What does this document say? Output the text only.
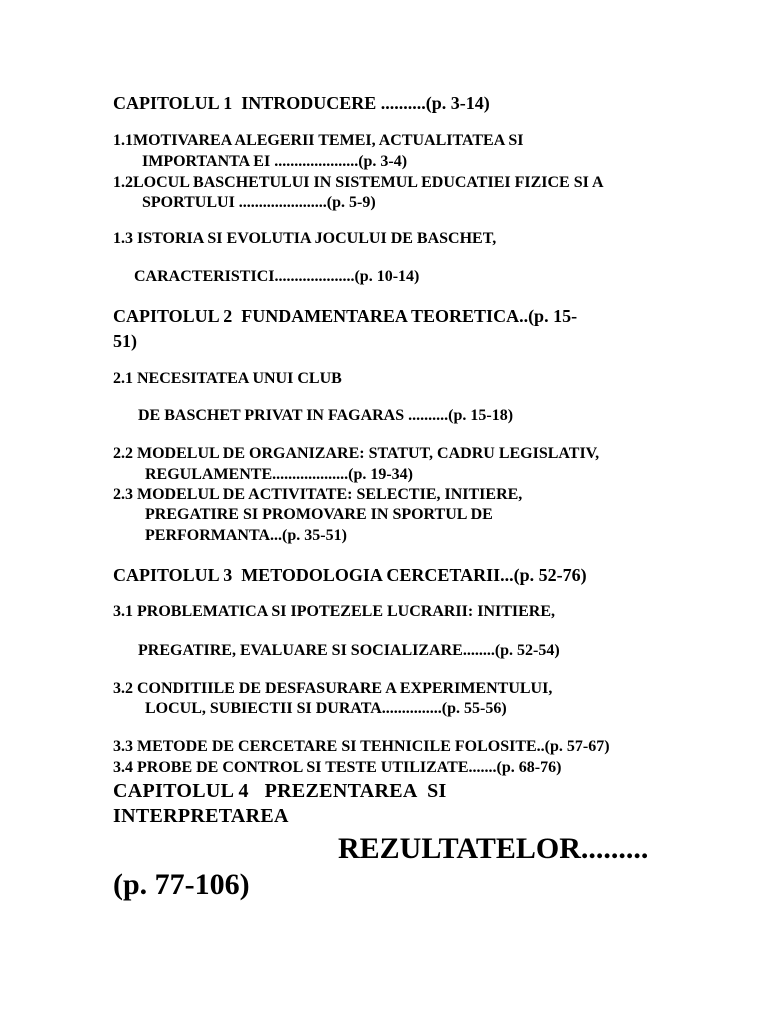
CAPITOLUL 1  INTRODUCERE ..........(p. 3-14)
1.1MOTIVAREA ALEGERII TEMEI, ACTUALITATEA SI
IMPORTANTA EI .....................(p. 3-4)
1.2LOCUL BASCHETULUI IN SISTEMUL EDUCATIEI FIZICE SI A
SPORTULUI ......................(p. 5-9)
1.3 ISTORIA SI EVOLUTIA JOCULUI DE BASCHET,
CARACTERISTICI....................(p. 10-14)
CAPITOLUL 2  FUNDAMENTAREA TEORETICA..(p. 15-
51)
2.1 NECESITATEA UNUI CLUB
DE BASCHET PRIVAT IN FAGARAS ..........(p. 15-18)
2.2 MODELUL DE ORGANIZARE: STATUT, CADRU LEGISLATIV,
REGULAMENTE...................(p. 19-34)
2.3 MODELUL DE ACTIVITATE: SELECTIE, INITIERE,
PREGATIRE SI PROMOVARE IN SPORTUL DE
PERFORMANTA...(p. 35-51)
CAPITOLUL 3  METODOLOGIA CERCETARII...(p. 52-76)
3.1 PROBLEMATICA SI IPOTEZELE LUCRARII: INITIERE,
PREGATIRE, EVALUARE SI SOCIALIZARE........(p. 52-54)
3.2 CONDITIILE DE DESFASURARE A EXPERIMENTULUI,
LOCUL, SUBIECTII SI DURATA...............(p. 55-56)
3.3 METODE DE CERCETARE SI TEHNICILE FOLOSITE..(p. 57-67)
3.4 PROBE DE CONTROL SI TESTE UTILIZATE.......(p. 68-76)
CAPITOLUL 4   PREZENTAREA  SI
INTERPRETAREA
REZULTATELOR.........
(p. 77-106)
